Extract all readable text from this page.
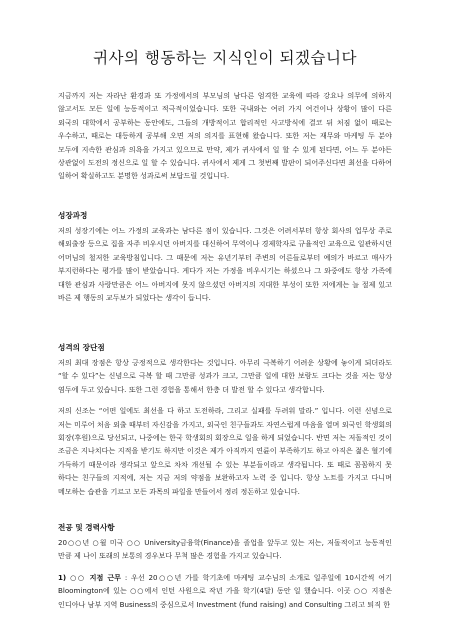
귀사의 행동하는 지식인이 되겠습니다

지금까지 저는 자라난 환경과 또 가정에서의 부모님의 남다른 엄격한 교육에 따라 강요나 의무에 의하지 않고서도 모든 일에 능동적이고 적극적이었습니다. 또한 국내와는 여러 가지 여건이나 상황이 많이 다른 외국의 대학에서 공부하는 동안에도, 그들의 개방적이고 합리적인 사고방식에 결코 뒤 처짐 없이 때로는 우수하고, 때로는 대등하게 공부해 오면 저의 의지를 표현해 왔습니다. 또한 저는 재무와 마케팅 두 분야 모두에 지속한 관심과 의욕을 가지고 있으므로 만약, 제가 귀사에서 일 할 수 있게 된다면, 어느 두 분야든 상관없이 도전의 정신으로 일 할 수 있습니다. 귀사에서 제게 그 첫번째 발판이 되어주신다면 최선을 다하여 일하여 확실하고도 분명한 성과로써 보답드릴 것입니다.

성장과정

저의 성장기에는 어느 가정의 교육과는 남다른 점이 있습니다. 그것은 어려서부터 항상 회사의 업무상 주로 해외출장 등으로 집을 자주 비우시던 아버지를 대신하여 무역이나 경제학자로 규율적인 교육으로 일관하시던 어머님의 철저한 교육방침입니다. 그 때문에 저는 유년기부터 주변의 어른들로부터 예의가 바르고 매사가 부지런하다는 평가를 많이 받았습니다. 게다가 저는 가정을 비우시기는 하셨으나 그 와중에도 항상 가족에 대한 관심과 사랑만큼은 어느 아버지에 못지 않으셨던 아버지의 지대한 부성이 또한 저에게는 늘 절제 있고 바른 제 행동의 교두보가 되었다는 생각이 듭니다.

성격의 장단점

저의 최대 장점은 항상 긍정적으로 생각한다는 것입니다. 아무리 극복하기 어려운 상황에 놓이게 되더라도 “할 수 있다”는 신념으로 극복 할 때 그만큼 성과가 크고, 그만큼 일에 대한 보람도 크다는 것을 저는 항상 염두에 두고 있습니다. 또한 그런 경험을 통해서 한층 더 발전 할 수 있다고 생각합니다.

저의 신조는 “어떤 일에도 최선을 다 하고 도전하라, 그리고 실패를 두려워 말라.” 입니다. 이런 신념으로 저는 미루어 처음 외출 때부터 자신감을 가지고, 외국인 친구들과도 자연스럽게 마음을 열며 외국인 학생회의 회장(후원)으로 당선되고, 나중에는 한국 학생회의 회장으로 일을 하게 되었습니다. 반면 저는 저돌적인 것이 조금은 지나치다는 지적을 받기도 하지만 이것은 제가 아직까지 연륜이 부족하기도 하고 아직은 젊은 혈기에 가득하기 때문이라 생각되고 앞으로 차차 개선될 수 있는 부분들이라고 생각됩니다. 또 때로 꼼꼼하지 못 하다는 친구들의 지적에, 저는 지금 저의 약점을 보완하고자 노력 중 입니다. 항상 노트를 가지고 다니며 메모하는 습관을 기르고 모든 과목의 파일을 만들어서 정리 정돈하고 있습니다.

전공 및 경력사항

20○○년 ○월 미국 ○○ University금융학(Finance)을 졸업을 앞두고 있는 저는, 저돌적이고 능동적인 만큼 제 나이 또래의 보통의 경우보다 무척 많은 경험을 가지고 있습니다.

1) ○○ 지점 근무 : 우선 20○○년 가를 학기초에 마케팅 교수님의 소개로 일주일에 10시간씩 여기 Bloomington에 있는 ○○에서 인턴 사원으로 작년 가을 학기(4달) 동안 일 했습니다. 이곳 ○○ 지점은 인디아나 남부 지역 Business의 중심으로서 Investment (fund raising) and Consulting 그리고 퇴직 한
